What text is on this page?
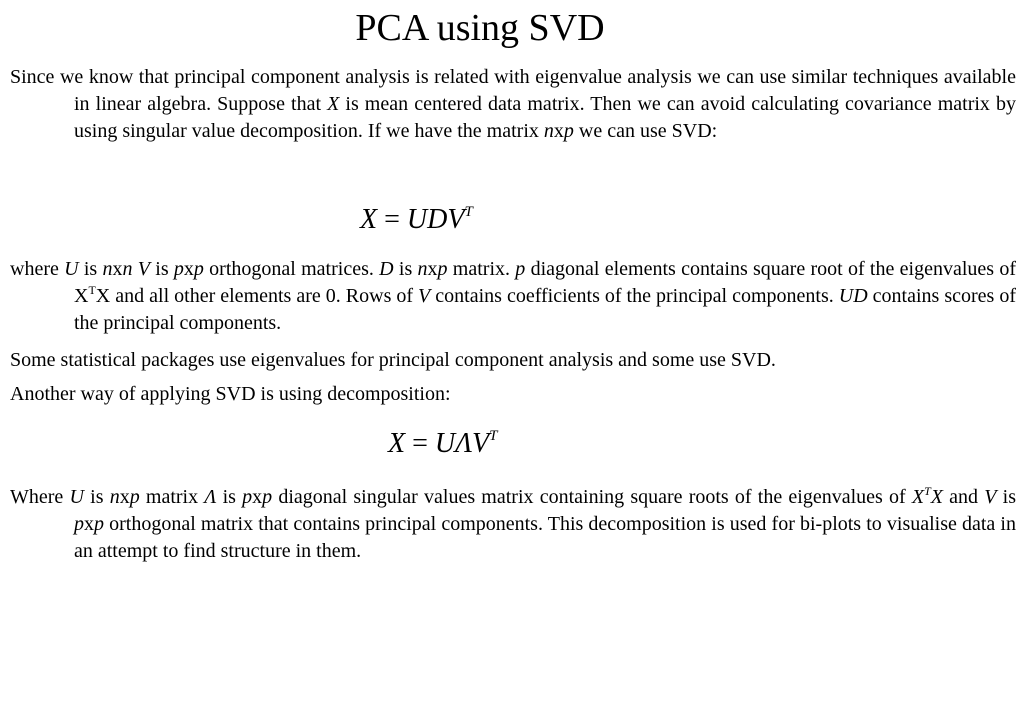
PCA using SVD

Since we know that principal component analysis is related with eigenvalue analysis we can use similar techniques available in linear algebra. Suppose that X is mean centered data matrix. Then we can avoid calculating covariance matrix by using singular value decomposition. If we have the matrix nxp we can use SVD:

$X = UDV^T$

where U is nxn V is pxp orthogonal matrices. D is nxp matrix. p diagonal elements contains square root of the eigenvalues of $X^TX$ and all other elements are 0. Rows of V contains coefficients of the principal components. UD contains scores of the principal components.

Some statistical packages use eigenvalues for principal component analysis and some use SVD.

Another way of applying SVD is using decomposition:

$X = U\Lambda V^T$

Where U is nxp matrix Λ is pxp diagonal singular values matrix containing square roots of the eigenvalues of $X^TX$ and V is pxp orthogonal matrix that contains principal components. This decomposition is used for bi-plots to visualise data in an attempt to find structure in them.
